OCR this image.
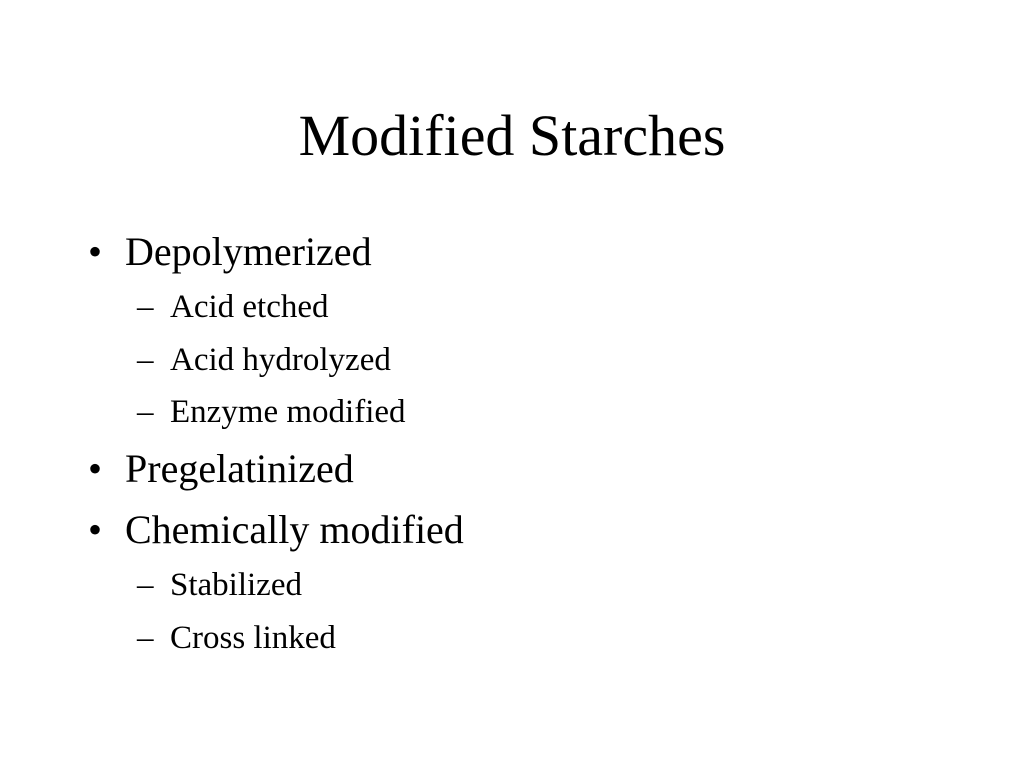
Modified Starches
• Depolymerized
– Acid etched
– Acid hydrolyzed
– Enzyme modified
• Pregelatinized
• Chemically modified
– Stabilized
– Cross linked
